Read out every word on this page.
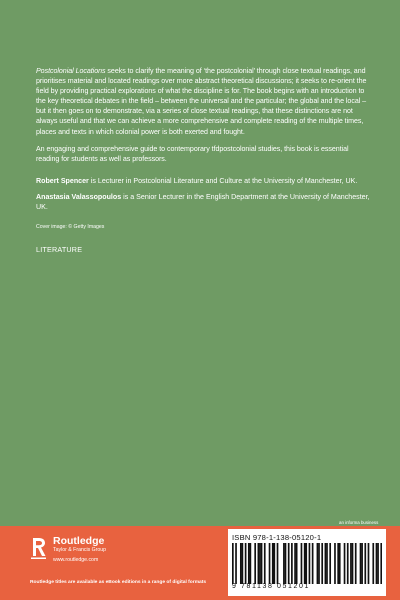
Postcolonial Locations seeks to clarify the meaning of ‘the postcolonial’ through close textual readings, and prioritises material and located readings over more abstract theoretical discussions; it seeks to re-orient the field by providing practical explorations of what the discipline is for. The book begins with an introduction to the key theoretical debates in the field – between the universal and the particular; the global and the local – but it then goes on to demonstrate, via a series of close textual readings, that these distinctions are not always useful and that we can achieve a more comprehensive and complete reading of the multiple times, places and texts in which colonial power is both exerted and fought.

An engaging and comprehensive guide to contemporary tfdpostcolonial studies, this book is essential reading for students as well as professors.

Robert Spencer is Lecturer in Postcolonial Literature and Culture at the University of Manchester, UK.

Anastasia Valassopoulos is a Senior Lecturer in the English Department at the University of Manchester, UK.

Cover image: © Getty Images

LITERATURE

an informa business
Routledge
Taylor & Francis Group
www.routledge.com
Routledge titles are available as eBook editions in a range of digital formats
ISBN 978-1-138-05120-1
9 781138 051201
